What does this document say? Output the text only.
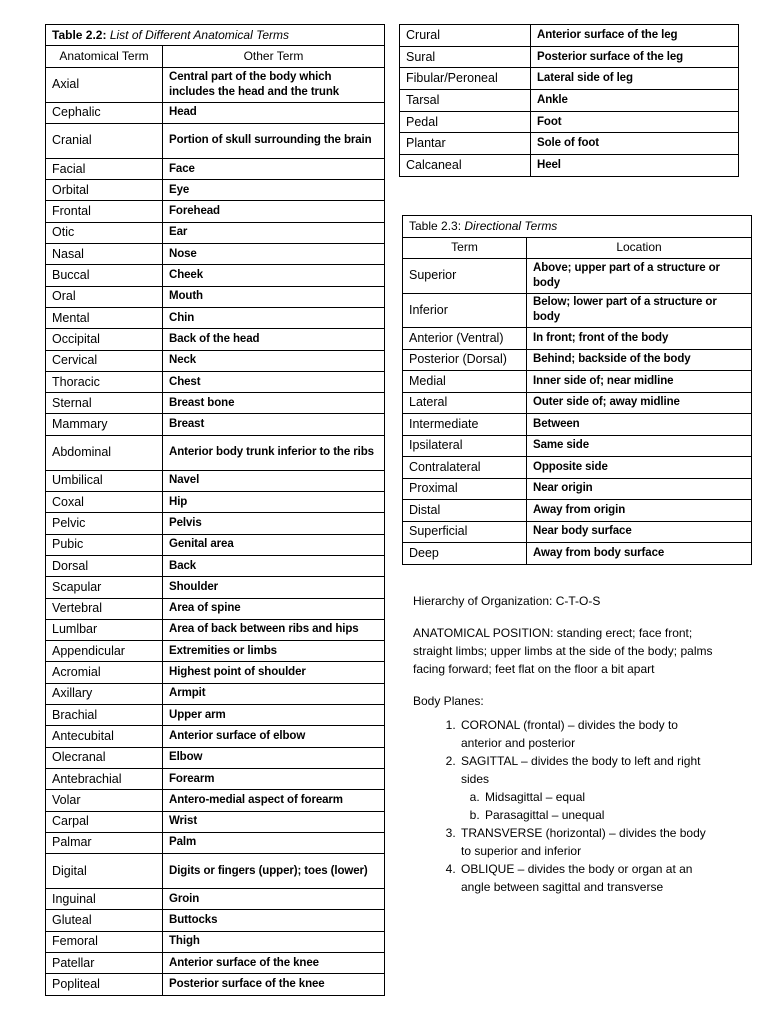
Table 2.2: List of Different Anatomical Terms	
Anatomical Term	Other Term
Axial	Central part of the body which includes the head and the trunk
Cephalic	Head
Cranial	Portion of skull surrounding the brain
Facial	Face
Orbital	Eye
Frontal	Forehead
Otic	Ear
Nasal	Nose
Buccal	Cheek
Oral	Mouth
Mental	Chin
Occipital	Back of the head
Cervical	Neck
Thoracic	Chest
Sternal	Breast bone
Mammary	Breast
Abdominal	Anterior body trunk inferior to the ribs
Umbilical	Navel
Coxal	Hip
Pelvic	Pelvis
Pubic	Genital area
Dorsal	Back
Scapular	Shoulder
Vertebral	Area of spine
Lumlbar	Area of back between ribs and hips
Appendicular	Extremities or limbs
Acromial	Highest point of shoulder
Axillary	Armpit
Brachial	Upper arm
Antecubital	Anterior surface of elbow
Olecranal	Elbow
Antebrachial	Forearm
Volar	Antero-medial aspect of forearm
Carpal	Wrist
Palmar	Palm
Digital	Digits or fingers (upper); toes (lower)
Inguinal	Groin
Gluteal	Buttocks
Femoral	Thigh
Patellar	Anterior surface of the knee
Popliteal	Posterior surface of the knee
Crural	Anterior surface of the leg
Sural	Posterior surface of the leg
Fibular/Peroneal	Lateral side of leg
Tarsal	Ankle
Pedal	Foot
Plantar	Sole of foot
Calcaneal	Heel
Table 2.3: Directional Terms	
Term	Location
Superior	Above; upper part of a structure or body
Inferior	Below; lower part of a structure or body
Anterior (Ventral)	In front; front of the body
Posterior (Dorsal)	Behind; backside of the body
Medial	Inner side of; near midline
Lateral	Outer side of; away midline
Intermediate	Between
Ipsilateral	Same side
Contralateral	Opposite side
Proximal	Near origin
Distal	Away from origin
Superficial	Near body surface
Deep	Away from body surface

Hierarchy of Organization: C-T-O-S

ANATOMICAL POSITION: standing erect; face front; straight limbs; upper limbs at the side of the body; palms facing forward; feet flat on the floor a bit apart

Body Planes:

1. CORONAL (frontal) – divides the body to anterior and posterior
2. SAGITTAL – divides the body to left and right sides
a. Midsagittal – equal
b. Parasagittal – unequal
3. TRANSVERSE (horizontal) – divides the body to superior and inferior
4. OBLIQUE – divides the body or organ at an angle between sagittal and transverse
